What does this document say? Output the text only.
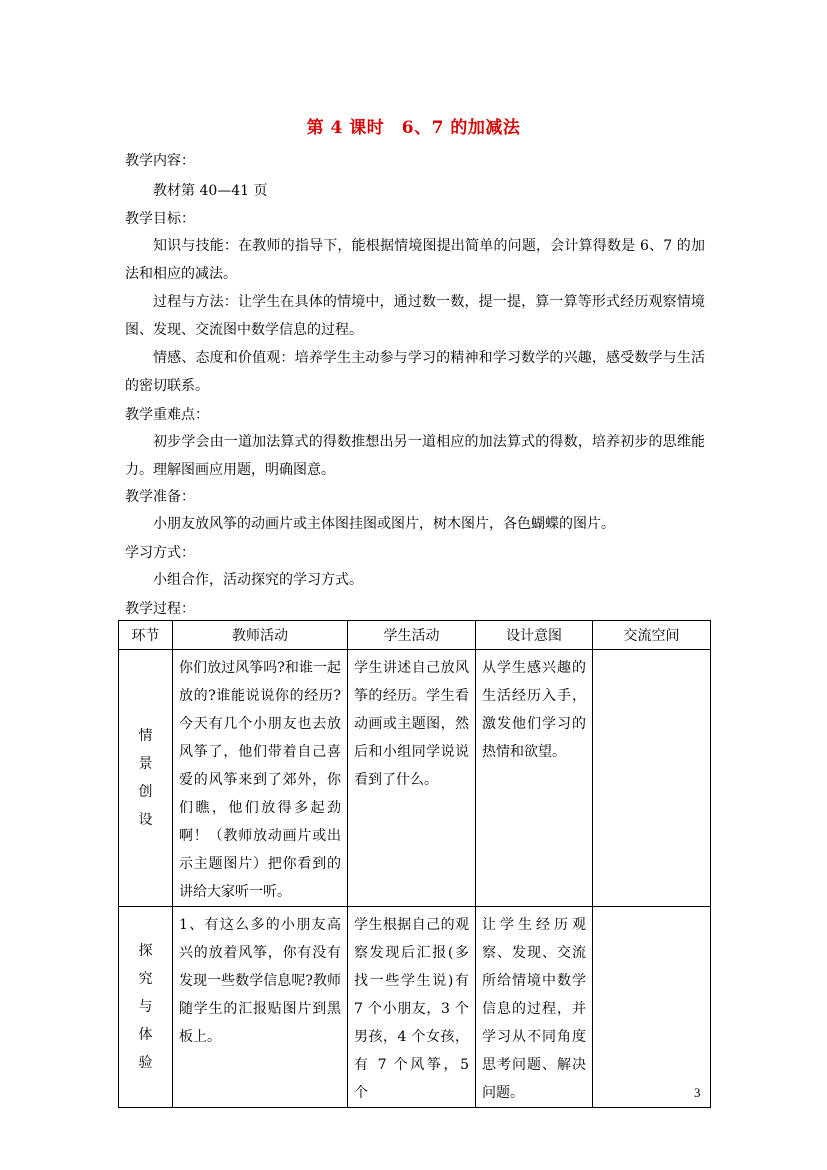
第 4 课时　6、7 的加减法
教学内容：
教材第 40—41 页
教学目标：
知识与技能：在教师的指导下，能根据情境图提出简单的问题，会计算得数是 6、7 的加法和相应的减法。
过程与方法：让学生在具体的情境中，通过数一数，提一提，算一算等形式经历观察情境图、发现、交流图中数学信息的过程。
情感、态度和价值观：培养学生主动参与学习的精神和学习数学的兴趣，感受数学与生活的密切联系。
教学重难点：
初步学会由一道加法算式的得数推想出另一道相应的加法算式的得数，培养初步的思维能力。理解图画应用题，明确图意。
教学准备：
小朋友放风筝的动画片或主体图挂图或图片，树木图片，各色蝴蝶的图片。
学习方式：
小组合作，活动探究的学习方式。
教学过程：
环节	教师活动	学生活动	设计意图	交流空间
情景创设	你们放过风筝吗?和谁一起放的?谁能说说你的经历?今天有几个小朋友也去放风筝了，他们带着自己喜爱的风筝来到了郊外，你们瞧，他们放得多起劲啊！（教师放动画片或出示主题图片）把你看到的讲给大家听一听。	学生讲述自己放风筝的经历。学生看动画或主题图，然后和小组同学说说看到了什么。	从学生感兴趣的生活经历入手，激发他们学习的热情和欲望。	
探究与体验	1、有这么多的小朋友高兴的放着风筝，你有没有发现一些数学信息呢?教师随学生的汇报贴图片到黑板上。	学生根据自己的观察发现后汇报(多找一些学生说)有 7 个小朋友，3 个男孩，4 个女孩，有 7 个风筝，5 个	让学生经历观察、发现、交流所给情境中数学信息的过程，并学习从不同角度思考问题、解决问题。		3
